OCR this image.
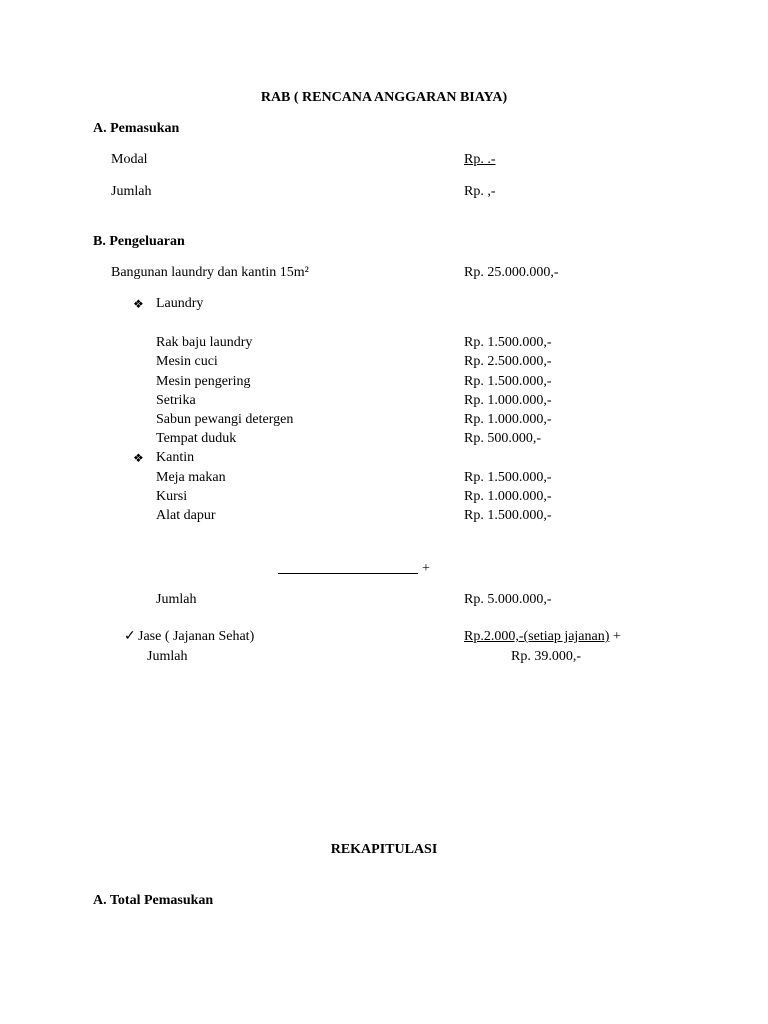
RAB ( RENCANA ANGGARAN BIAYA)
A. Pemasukan
Modal	Rp. .-
Jumlah	Rp. ,-
B. Pengeluaran
Bangunan laundry dan kantin 15m²	Rp. 25.000.000,-
❖ Laundry
Rak baju laundry	Rp. 1.500.000,-
Mesin cuci	Rp. 2.500.000,-
Mesin pengering	Rp. 1.500.000,-
Setrika	Rp. 1.000.000,-
Sabun pewangi detergen	Rp. 1.000.000,-
Tempat duduk	Rp. 500.000,-
❖ Kantin
Meja makan	Rp. 1.500.000,-
Kursi	Rp. 1.000.000,-
Alat dapur	Rp. 1.500.000,-
+
Jumlah	Rp. 5.000.000,-
✓ Jase ( Jajanan Sehat)	Rp.2.000,-(setiap jajanan) +
Jumlah	Rp. 39.000,-
REKAPITULASI
A. Total Pemasukan
